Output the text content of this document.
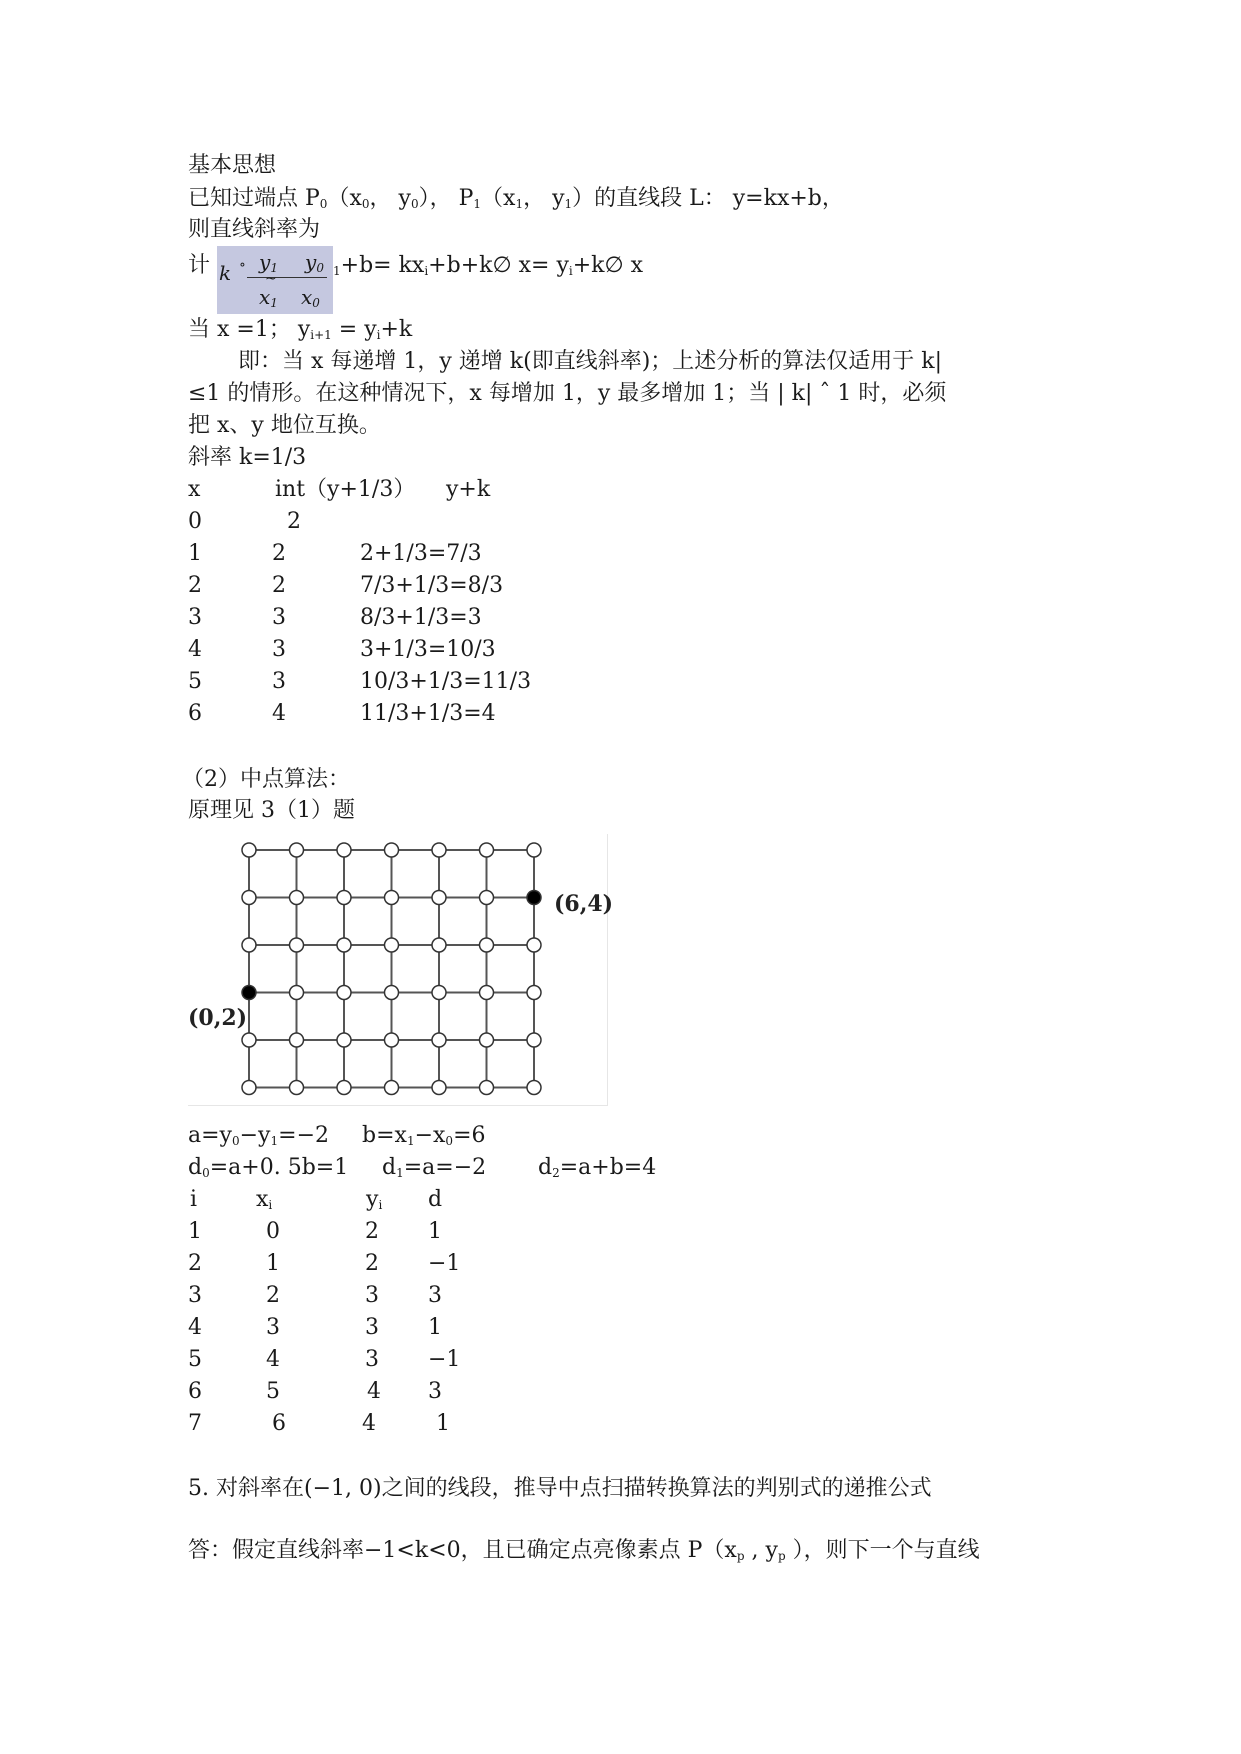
基本思想
已知过端点 $P_0(x_0$， $y_0$）， $P_1(x_1$， $y_1$）的直线段 L： y=kx+b，
则直线斜率为
计 k ∘ $y_1$ $y_0$
~
$x_1$ $x_0$
$_1+b= kx_i+b+k\emptyset$ $x= y_i+k\emptyset$ x
当 x =1； $y_{i+1} = y_i+k$
即：当 x 每递增 1，y 递增 k(即直线斜率)；上述分析的算法仅适用于 k|
≤1 的情形。在这种情况下，x 每增加 1，y 最多增加 1；当 | k| ˆ 1 时，必须
把 x、y 地位互换。
斜率 k=1/3
x	int（y+1/3） y+k
0	2
1	2	2+1/3=7/3
2	2	7/3+1/3=8/3
3	3	8/3+1/3=3
4	3	3+1/3=10/3
5	3	10/3+1/3=11/3
6	4	11/3+1/3=4
（2）中点算法：
原理见 3（1）题
(6,4)
(0,2)
$a=y_0-y_1=-2$ $b=x_1-x_0=6$
$d_0=a+0$. 5b=1 $d_1=a=-2$ $d_2=a+b=4$
i	$x_i$	$y_i$ d
1	0	2 1
2	1	2 −1
3	2	3 3
4	3	3 1
5	4	3 −1
6	5	4 3
7	6	4	1
5. 对斜率在(−1, 0)之间的线段，推导中点扫描转换算法的判别式的递推公式
答：假定直线斜率−1<k<0，且已确定点亮像素点 $P(x_p$ , $y_p$ ），则下一个与直线
